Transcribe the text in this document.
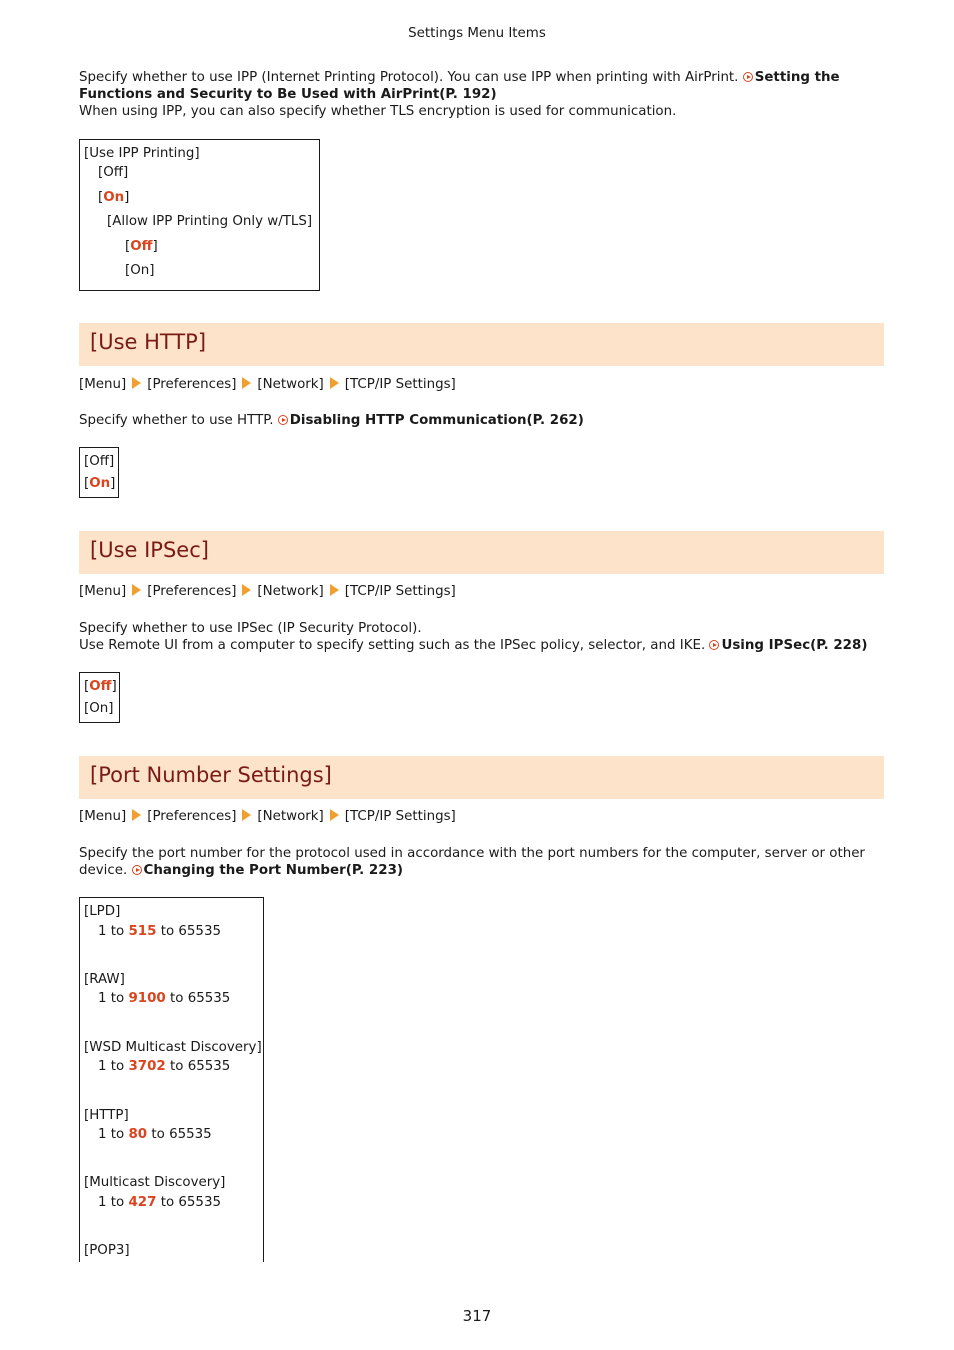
Settings Menu Items
Specify whether to use IPP (Internet Printing Protocol). You can use IPP when printing with AirPrint. Setting the Functions and Security to Be Used with AirPrint(P. 192)
When using IPP, you can also specify whether TLS encryption is used for communication.
[Use IPP Printing]
[Off]
[On]
[Allow IPP Printing Only w/TLS]
[Off]
[On]
[Use HTTP]
[Menu] [Preferences] [Network] [TCP/IP Settings]
Specify whether to use HTTP. Disabling HTTP Communication(P. 262)
[Off]
[On]
[Use IPSec]
[Menu] [Preferences] [Network] [TCP/IP Settings]
Specify whether to use IPSec (IP Security Protocol).
Use Remote UI from a computer to specify setting such as the IPSec policy, selector, and IKE. Using IPSec(P. 228)
[Off]
[On]
[Port Number Settings]
[Menu] [Preferences] [Network] [TCP/IP Settings]
Specify the port number for the protocol used in accordance with the port numbers for the computer, server or other device. Changing the Port Number(P. 223)
[LPD]
1 to 515 to 65535
[RAW]
1 to 9100 to 65535
[WSD Multicast Discovery]
1 to 3702 to 65535
[HTTP]
1 to 80 to 65535
[Multicast Discovery]
1 to 427 to 65535
[POP3]
317
